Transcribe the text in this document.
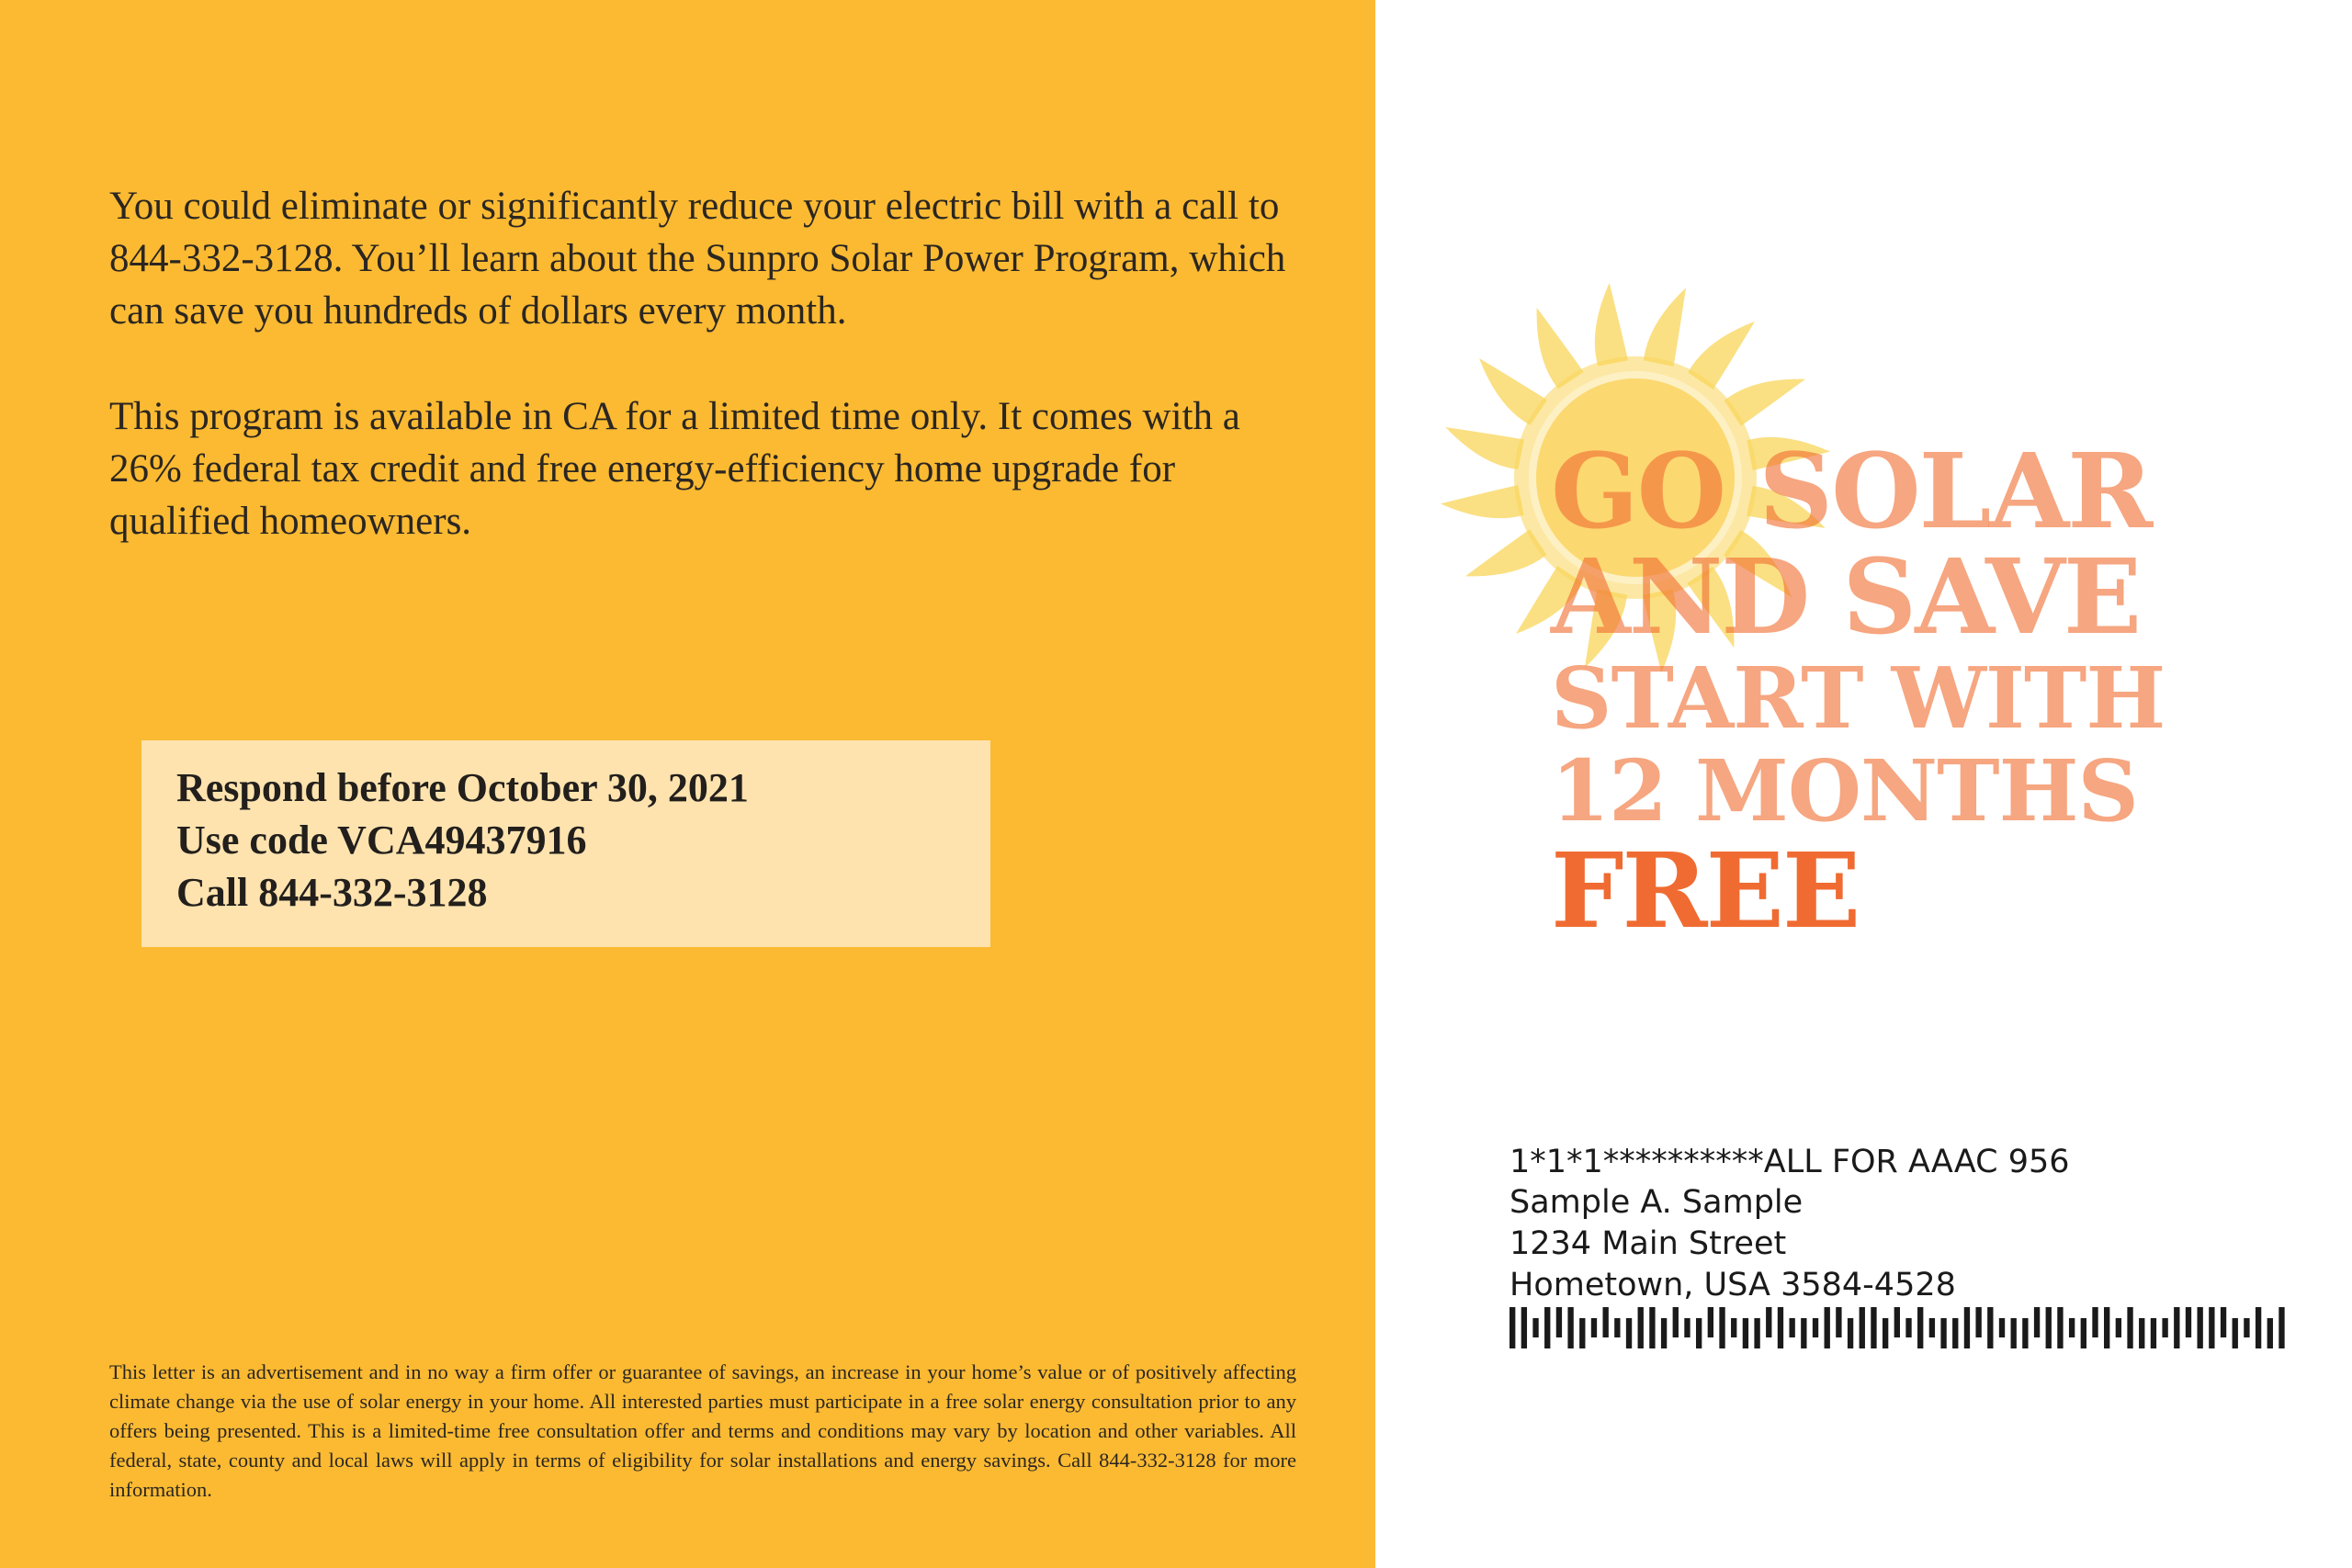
You could eliminate or significantly reduce your electric bill with a call to 844-332-3128. You’ll learn about the Sunpro Solar Power Program, which can save you hundreds of dollars every month.

This program is available in CA for a limited time only. It comes with a 26% federal tax credit and free energy-efficiency home upgrade for qualified homeowners.

Respond before October 30, 2021
Use code VCA49437916
Call 844-332-3128

This letter is an advertisement and in no way a firm offer or guarantee of savings, an increase in your home’s value or of positively affecting climate change via the use of solar energy in your home. All interested parties must participate in a free solar energy consultation prior to any offers being presented. This is a limited-time free consultation offer and terms and conditions may vary by location and other variables. All federal, state, county and local laws will apply in terms of eligibility for solar installations and energy savings. Call 844-332-3128 for more information.

GO SOLAR
AND SAVE
START WITH
12 MONTHS
FREE
1*1*1**********ALL FOR AAAC 956
Sample A. Sample
1234 Main Street
Hometown, USA 3584-4528
